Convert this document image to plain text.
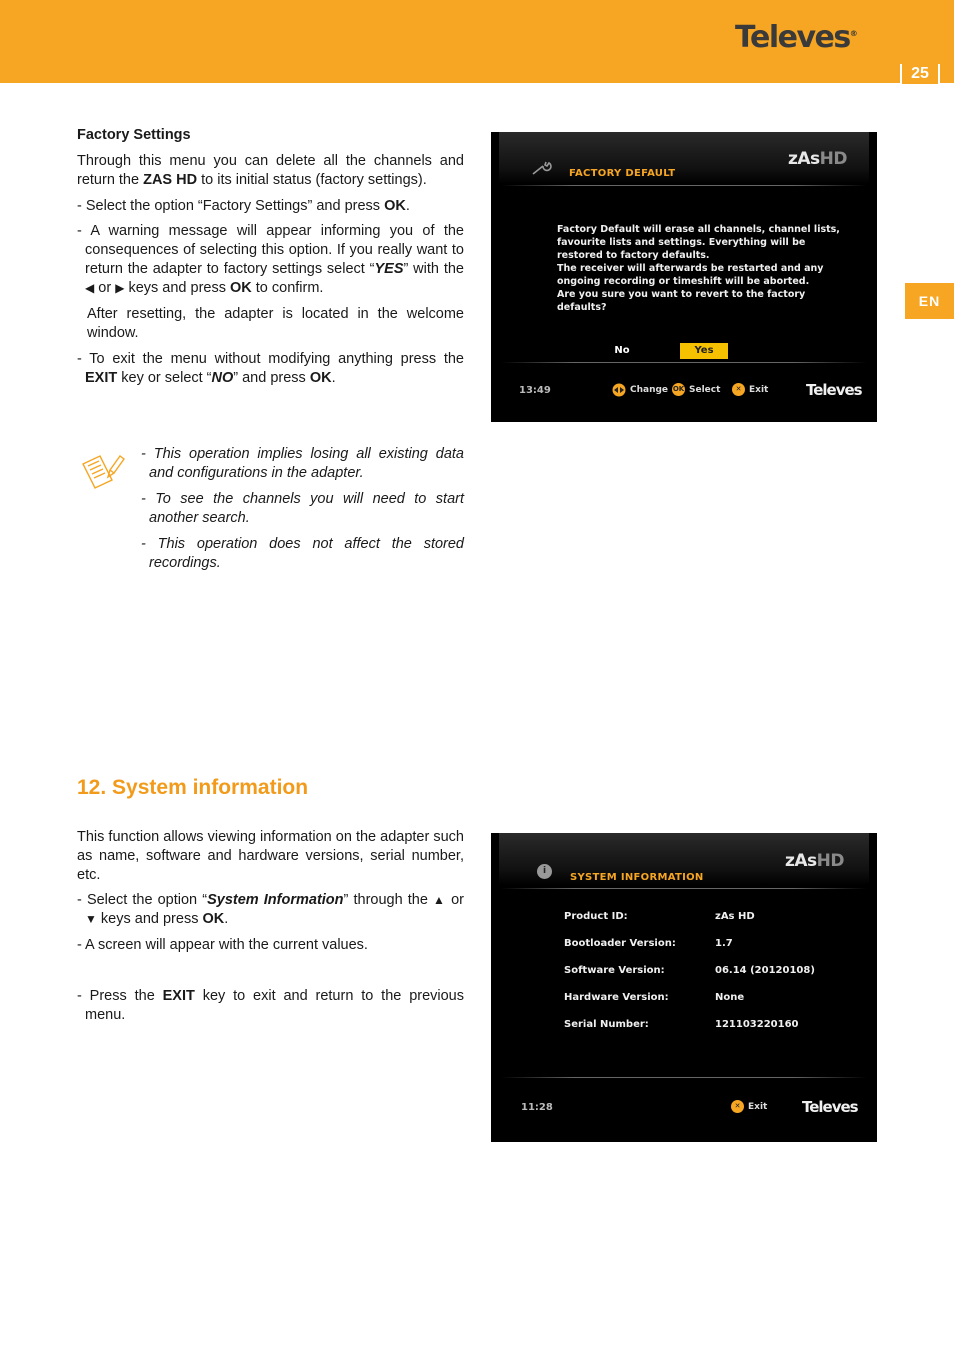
Televes®
25
EN

Factory Settings

Through this menu you can delete all the channels and return the ZAS HD to its initial status (factory settings).

- Select the option “Factory Settings” and press OK.

- A warning message will appear informing you of the consequences of selecting this option. If you really want to return the adapter to factory settings select “YES” with the ◀ or ▶ keys and press OK to confirm.

After resetting, the adapter is located in the welcome window.

- To exit the menu without modifying anything press the EXIT key or select “NO” and press OK.

- This operation implies losing all existing data and configurations in the adapter.

- To see the channels you will need to start another search.

- This operation does not affect the stored recordings.

FACTORY DEFAULT
zAsHD
Factory Default will erase all channels, channel lists,
favourite lists and settings. Everything will be
restored to factory defaults.
The receiver will afterwards be restarted and any
ongoing recording or timeshift will be aborted.
Are you sure you want to revert to the factory
defaults?
No	Yes
13:49	Change OK Select	✕ Exit	Televes
12. System information

This function allows viewing information on the adapter such as name, software and hardware versions, serial number, etc.

- Select the option “System Information” through the ▲ or ▼ keys and press OK.

- A screen will appear with the current values.

- Press the EXIT key to exit and return to the previous menu.

i
SYSTEM INFORMATION
zAsHD
Product ID:	zAs HD
Bootloader Version:	1.7
Software Version:	06.14 (20120108)
Hardware Version:	None
Serial Number:	121103220160
11:28	✕ Exit Televes
